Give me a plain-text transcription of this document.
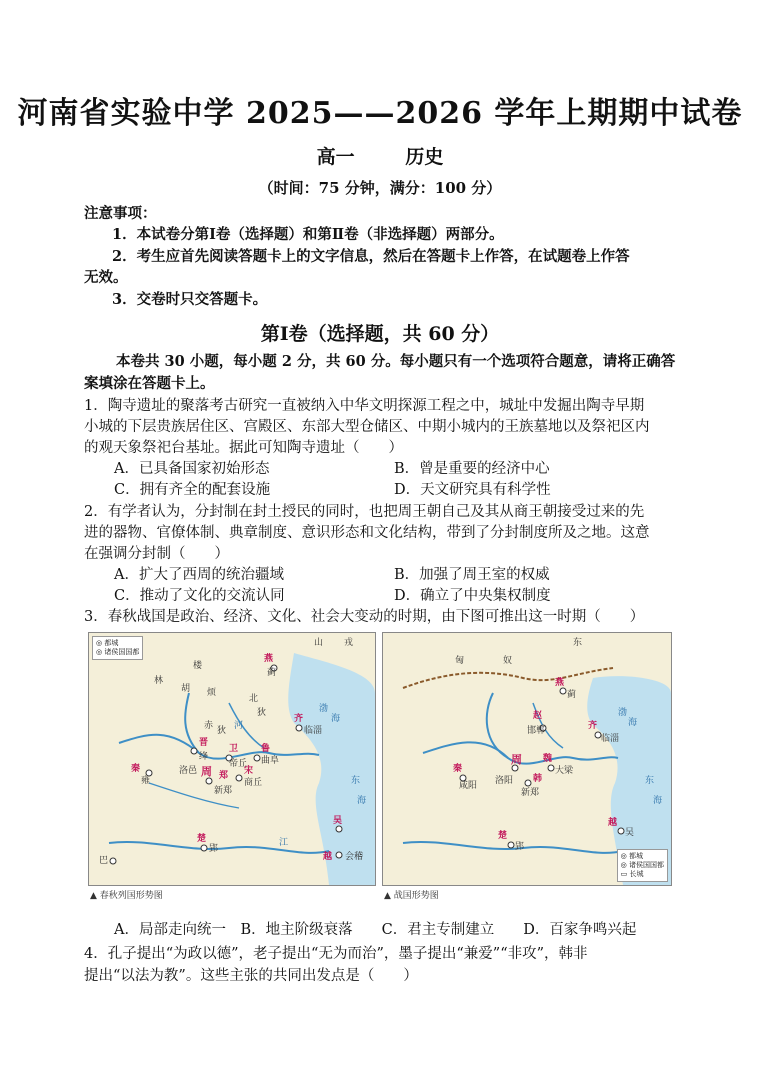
河南省实验中学 2025——2026 学年上期期中试卷
高一	历史
（时间：75 分钟，满分：100 分）
注意事项：
1．本试卷分第Ⅰ卷（选择题）和第Ⅱ卷（非选择题）两部分。
2．考生应首先阅读答题卡上的文字信息，然后在答题卡上作答，在试题卷上作答
无效。
3．交卷时只交答题卡。
第Ⅰ卷（选择题，共 60 分）
本卷共 30 小题，每小题 2 分，共 60 分。每小题只有一个选项符合题意，请将正确答
案填涂在答题卡上。
1．陶寺遗址的聚落考古研究一直被纳入中华文明探源工程之中，城址中发掘出陶寺早期
小城的下层贵族居住区、宫殿区、东部大型仓储区、中期小城内的王族墓地以及祭祀区内
的观天象祭祀台基址。据此可知陶寺遗址（　　）
A．已具备国家初始形态	B．曾是重要的经济中心
C．拥有齐全的配套设施	D．天文研究具有科学性
2．有学者认为，分封制在封土授民的同时，也把周王朝自己及其从商王朝接受过来的先
进的器物、官僚体制、典章制度、意识形态和文化结构，带到了分封制度所及之地。这意
在强调分封制（　　）
A．扩大了西周的统治疆域	B．加强了周王室的权威
C．推动了文化的交流认同	D．确立了中央集权制度
3．春秋战国是政治、经济、文化、社会大变动的时期，由下图可推出这一时期（　　）
山 戎
楼
林
胡 烦
燕
蓟
北
狄
赤 狄
晋
绛
周
卫
帝丘
齐
临淄
鲁
曲阜
宋
商丘
郑
新郑
洛邑
秦
雍
楚
郢
吴
越 会稽
巴
渤
海
东
海
河
江
◎ 都城
◎ 诸侯国国都
▲ 春秋列国形势图
东
匈	奴
燕
蓟
赵
邯郸	齐
临淄
魏
大梁
韩
新郑
周
洛阳
秦
咸阳
楚
郢
越
吴
渤
海
东
海
◎ 都城
◎ 诸侯国国都
▭ 长城
▲ 战国形势图
A．局部走向统一　B．地主阶级衰落　　C．君主专制建立　　D．百家争鸣兴起
4．孔子提出“为政以德”，老子提出“无为而治”，墨子提出“兼爱”“非攻”，韩非
提出“以法为教”。这些主张的共同出发点是（　　）
